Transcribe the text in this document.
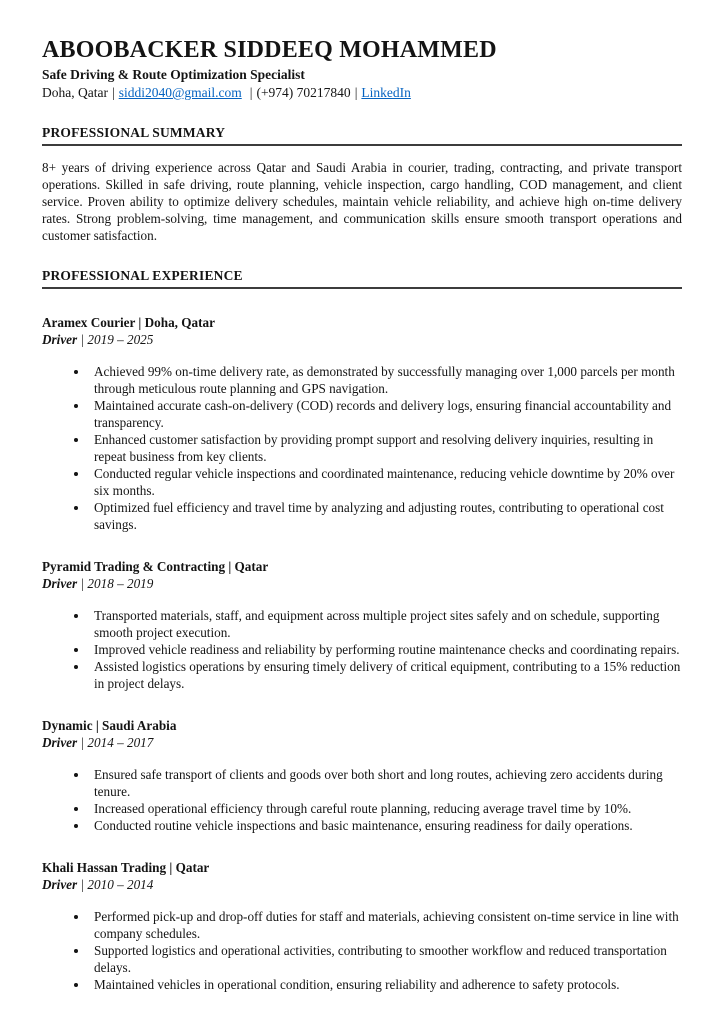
ABOOBACKER SIDDEEQ MOHAMMED
Safe Driving & Route Optimization Specialist
Doha, Qatar | siddi2040@gmail.com | (+974) 70217840 | LinkedIn
PROFESSIONAL SUMMARY

8+ years of driving experience across Qatar and Saudi Arabia in courier, trading, contracting, and private transport operations. Skilled in safe driving, route planning, vehicle inspection, cargo handling, COD management, and client service. Proven ability to optimize delivery schedules, maintain vehicle reliability, and achieve high on-time delivery rates. Strong problem-solving, time management, and communication skills ensure smooth transport operations and customer satisfaction.

PROFESSIONAL EXPERIENCE
Aramex Courier | Doha, Qatar
Driver | 2019 – 2025
• Achieved 99% on-time delivery rate, as demonstrated by successfully managing over 1,000 parcels per month through meticulous route planning and GPS navigation.
• Maintained accurate cash-on-delivery (COD) records and delivery logs, ensuring financial accountability and transparency.
• Enhanced customer satisfaction by providing prompt support and resolving delivery inquiries, resulting in repeat business from key clients.
• Conducted regular vehicle inspections and coordinated maintenance, reducing vehicle downtime by 20% over six months.
• Optimized fuel efficiency and travel time by analyzing and adjusting routes, contributing to operational cost savings.
Pyramid Trading & Contracting | Qatar
Driver | 2018 – 2019
• Transported materials, staff, and equipment across multiple project sites safely and on schedule, supporting smooth project execution.
• Improved vehicle readiness and reliability by performing routine maintenance checks and coordinating repairs.
• Assisted logistics operations by ensuring timely delivery of critical equipment, contributing to a 15% reduction in project delays.
Dynamic | Saudi Arabia
Driver | 2014 – 2017
• Ensured safe transport of clients and goods over both short and long routes, achieving zero accidents during tenure.
• Increased operational efficiency through careful route planning, reducing average travel time by 10%.
• Conducted routine vehicle inspections and basic maintenance, ensuring readiness for daily operations.
Khali Hassan Trading | Qatar
Driver | 2010 – 2014
• Performed pick-up and drop-off duties for staff and materials, achieving consistent on-time service in line with company schedules.
• Supported logistics and operational activities, contributing to smoother workflow and reduced transportation delays.
• Maintained vehicles in operational condition, ensuring reliability and adherence to safety protocols.
